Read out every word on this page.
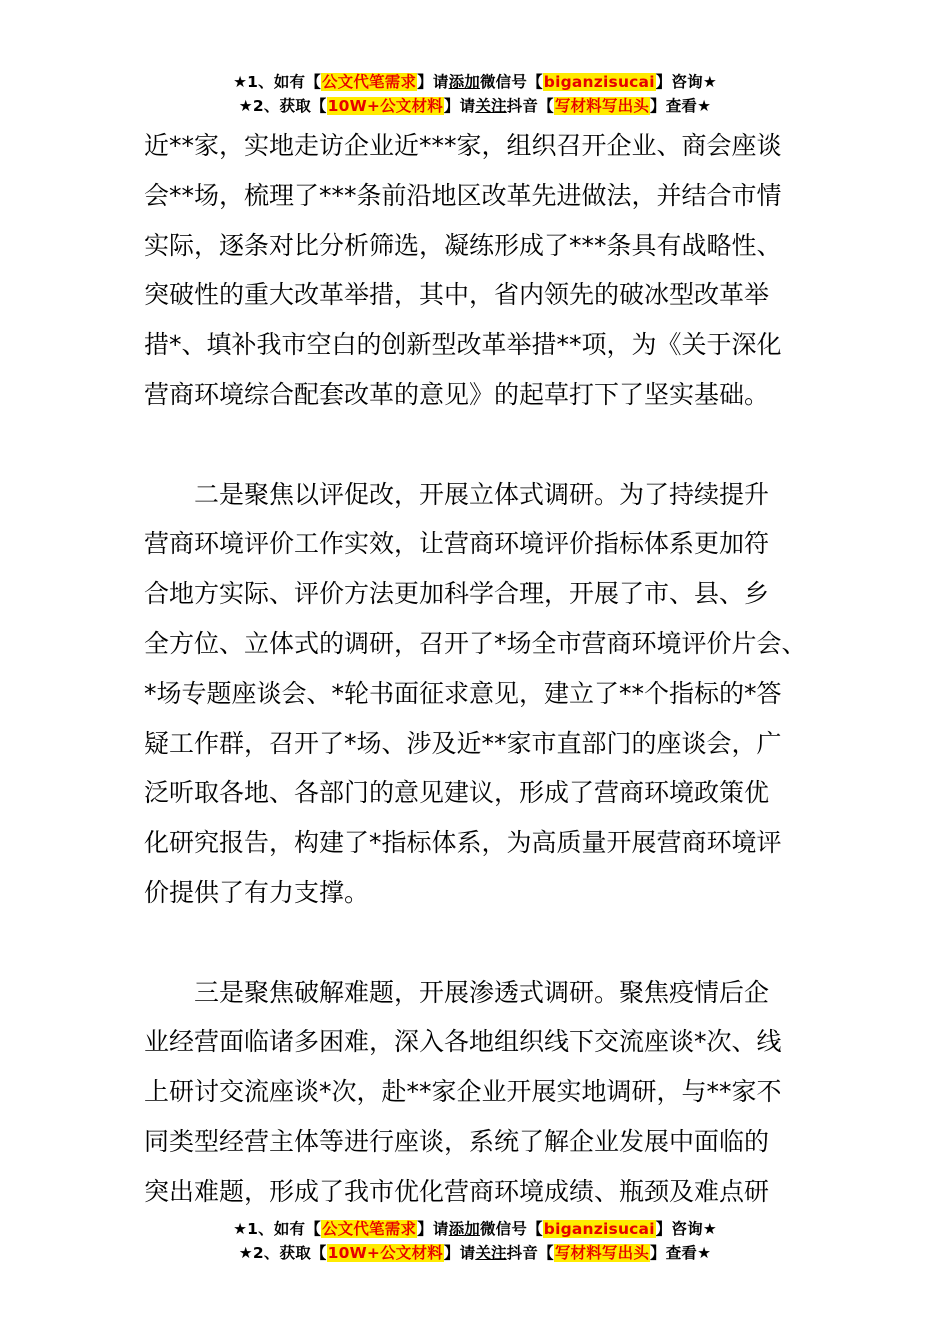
★1、如有【公文代笔需求】请添加微信号【biganzisucai】咨询★
★2、获取【10W+公文材料】请关注抖音【写材料写出头】查看★
近**家，实地走访企业近***家，组织召开企业、商会座谈
会**场，梳理了***条前沿地区改革先进做法，并结合市情
实际，逐条对比分析筛选，凝练形成了***条具有战略性、
突破性的重大改革举措，其中，省内领先的破冰型改革举
措*、填补我市空白的创新型改革举措**项，为《关于深化
营商环境综合配套改革的意见》的起草打下了坚实基础。
二是聚焦以评促改，开展立体式调研。为了持续提升
营商环境评价工作实效，让营商环境评价指标体系更加符
合地方实际、评价方法更加科学合理，开展了市、县、乡
全方位、立体式的调研，召开了*场全市营商环境评价片会、
*场专题座谈会、*轮书面征求意见，建立了**个指标的*答
疑工作群，召开了*场、涉及近**家市直部门的座谈会，广
泛听取各地、各部门的意见建议，形成了营商环境政策优
化研究报告，构建了*指标体系，为高质量开展营商环境评
价提供了有力支撑。
三是聚焦破解难题，开展渗透式调研。聚焦疫情后企
业经营面临诸多困难，深入各地组织线下交流座谈*次、线
上研讨交流座谈*次，赴**家企业开展实地调研，与**家不
同类型经营主体等进行座谈，系统了解企业发展中面临的
突出难题，形成了我市优化营商环境成绩、瓶颈及难点研
★1、如有【公文代笔需求】请添加微信号【biganzisucai】咨询★
★2、获取【10W+公文材料】请关注抖音【写材料写出头】查看★
